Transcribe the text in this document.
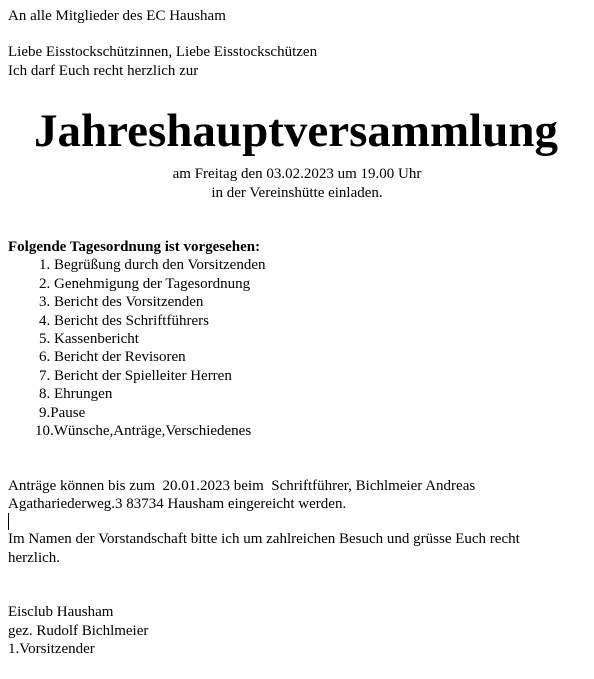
An alle Mitglieder des EC Hausham
Liebe Eisstockschützinnen, Liebe Eisstockschützen
Ich darf Euch recht herzlich zur
Jahreshauptversammlung
am Freitag den 03.02.2023 um 19.00 Uhr
in der Vereinshütte einladen.
Folgende Tagesordnung ist vorgesehen:
1. Begrüßung durch den Vorsitzenden
2. Genehmigung der Tagesordnung
3. Bericht des Vorsitzenden
4. Bericht des Schriftführers
5. Kassenbericht
6. Bericht der Revisoren
7. Bericht der Spielleiter Herren
8. Ehrungen
9.Pause
10.Wünsche,Anträge,Verschiedenes
Anträge können bis zum  20.01.2023 beim  Schriftführer, Bichlmeier Andreas
Agathariederweg.3 83734 Hausham eingereicht werden.
Im Namen der Vorstandschaft bitte ich um zahlreichen Besuch und grüsse Euch recht
herzlich.
Eisclub Hausham
gez. Rudolf Bichlmeier
1.Vorsitzender
